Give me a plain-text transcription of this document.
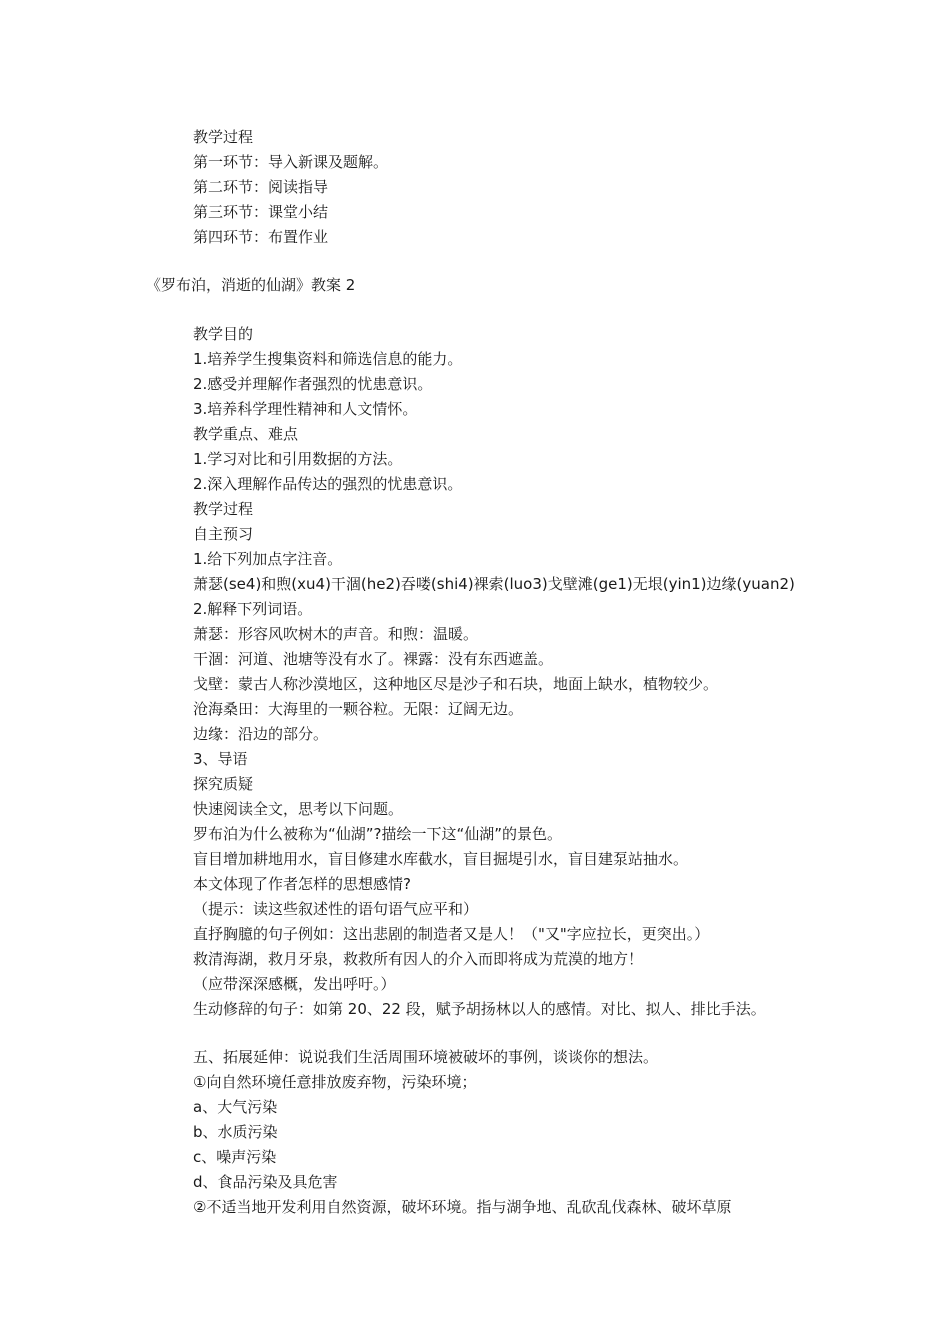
教学过程
第一环节：导入新课及题解。
第二环节：阅读指导
第三环节：课堂小结
第四环节：布置作业
《罗布泊，消逝的仙湖》教案 2
教学目的
1.培养学生搜集资料和筛选信息的能力。
2.感受并理解作者强烈的忧患意识。
3.培养科学理性精神和人文情怀。
教学重点、难点
1.学习对比和引用数据的方法。
2.深入理解作品传达的强烈的忧患意识。
教学过程
自主预习
1.给下列加点字注音。
萧瑟(se4)和煦(xu4)干涸(he2)吞喽(shi4)裸索(luo3)戈壁滩(ge1)无垠(yin1)边缘(yuan2)
2.解释下列词语。
萧瑟：形容风吹树木的声音。和煦：温暖。
干涸：河道、池塘等没有水了。裸露：没有东西遮盖。
戈壁：蒙古人称沙漠地区，这种地区尽是沙子和石块，地面上缺水，植物较少。
沧海桑田：大海里的一颗谷粒。无限：辽阔无边。
边缘：沿边的部分。
3、导语
探究质疑
快速阅读全文，思考以下问题。
罗布泊为什么被称为“仙湖”?描绘一下这“仙湖”的景色。
盲目增加耕地用水，盲目修建水库截水，盲目掘堤引水，盲目建泵站抽水。
本文体现了作者怎样的思想感情?
（提示：读这些叙述性的语句语气应平和）
直抒胸臆的句子例如：这出悲剧的制造者又是人！（"又"字应拉长，更突出。）
救清海湖，救月牙泉，救救所有因人的介入而即将成为荒漠的地方！
（应带深深感概，发出呼吁。）
生动修辞的句子：如第 20、22 段，赋予胡扬林以人的感情。对比、拟人、排比手法。
五、拓展延伸：说说我们生活周围环境被破坏的事例，谈谈你的想法。
①向自然环境任意排放废弃物，污染环境；
a、大气污染
b、水质污染
c、噪声污染
d、食品污染及具危害
②不适当地开发利用自然资源，破坏环境。指与湖争地、乱砍乱伐森林、破坏草原
